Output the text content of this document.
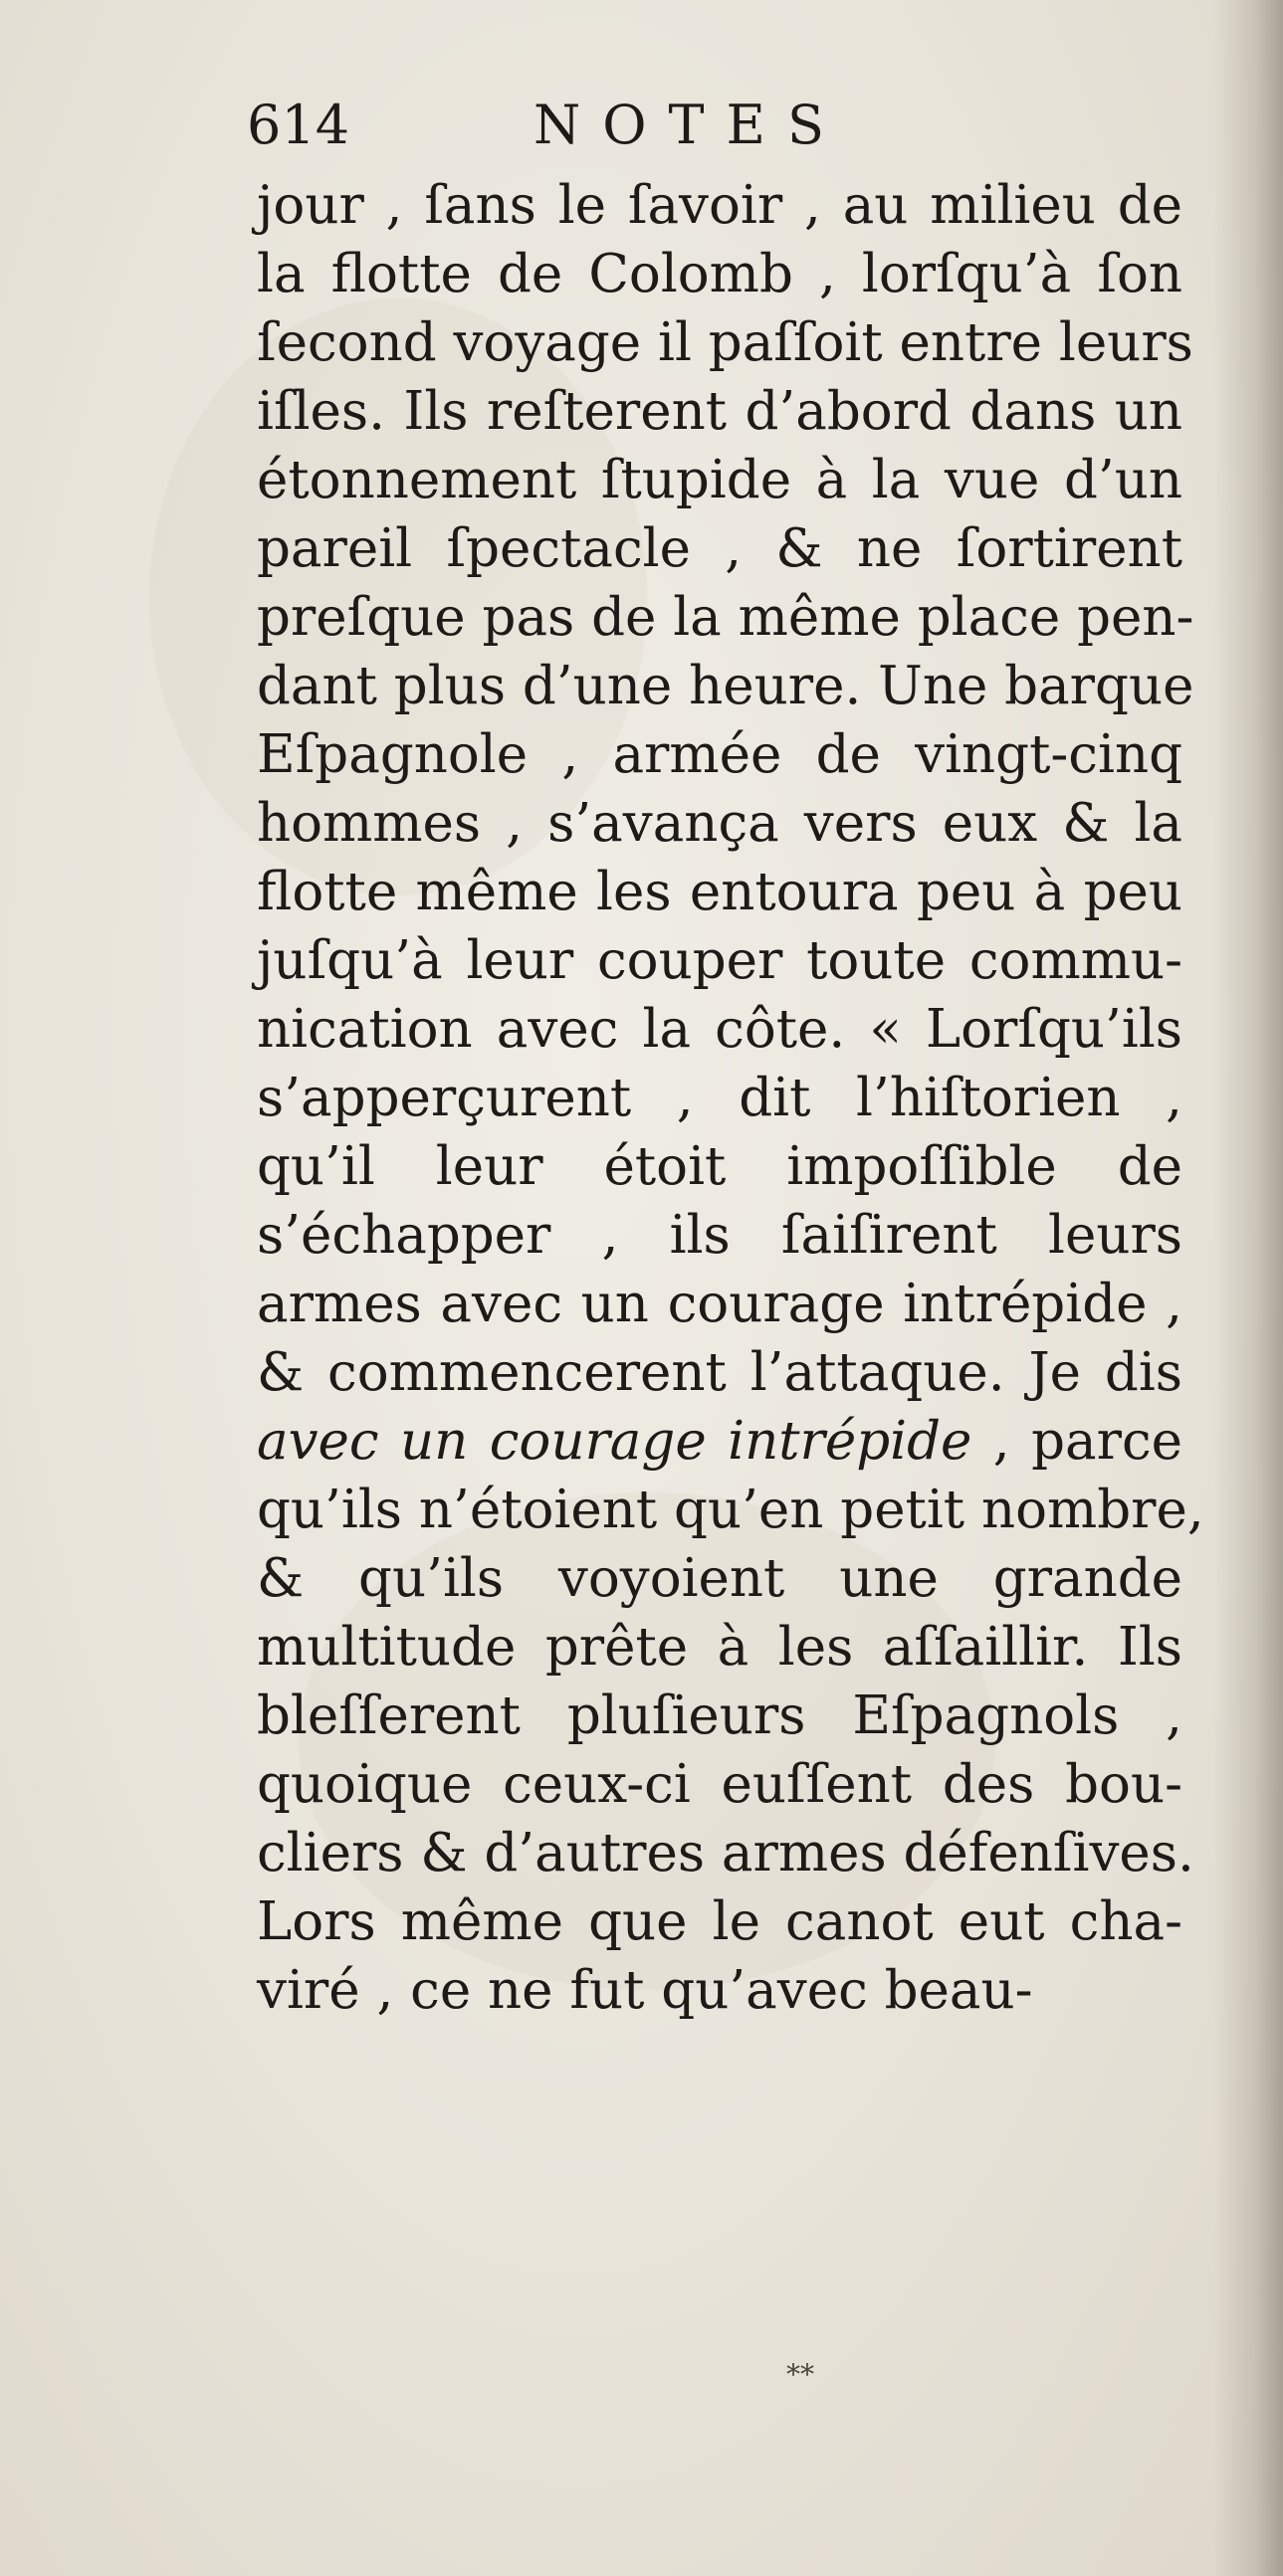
614	NOTES
jour , ſans le ſavoir , au milieu de
la flotte de Colomb , lorſqu’à ſon
ſecond voyage il paſſoit entre leurs
iſles. Ils reſterent d’abord dans un
étonnement ſtupide à la vue d’un
pareil ſpectacle , & ne ſortirent
preſque pas de la même place pen-
dant plus d’une heure. Une barque
Eſpagnole , armée de vingt-cinq
hommes , s’avança vers eux & la
flotte même les entoura peu à peu
juſqu’à leur couper toute commu-
nication avec la côte. « Lorſqu’ils
s’apperçurent , dit l’hiſtorien ,
qu’il leur étoit impoſſible de
s’échapper , ils ſaiſirent leurs
armes avec un courage intrépide ,
& commencerent l’attaque. Je dis
avec un courage intrépide , parce
qu’ils n’étoient qu’en petit nombre,
& qu’ils voyoient une grande
multitude prête à les aſſaillir. Ils
bleſſerent pluſieurs Eſpagnols ,
quoique ceux-ci euſſent des bou-
cliers & d’autres armes défenſives.
Lors même que le canot eut cha-
viré , ce ne fut qu’avec beau-
**
